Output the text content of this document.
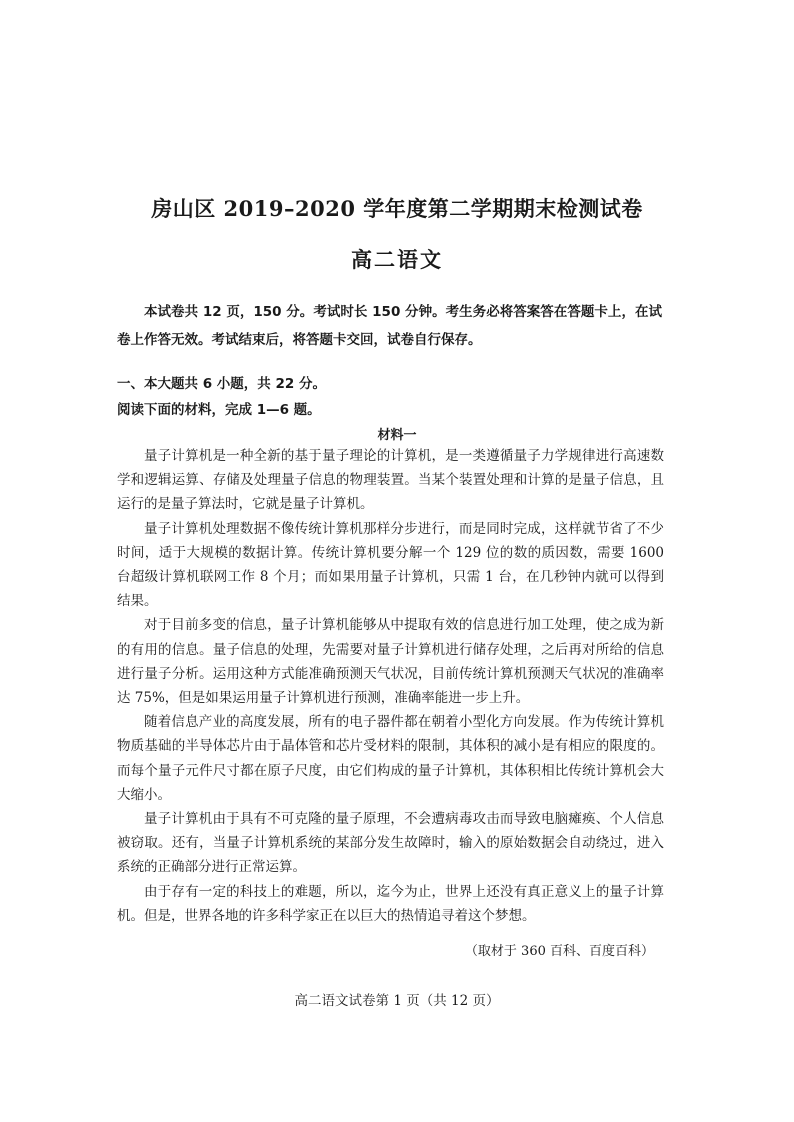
房山区 2019–2020 学年度第二学期期末检测试卷
高二语文
本试卷共 12 页，150 分。考试时长 150 分钟。考生务必将答案答在答题卡上，在试卷上作答无效。考试结束后，将答题卡交回，试卷自行保存。
一、本大题共 6 小题，共 22 分。
阅读下面的材料，完成 1—6 题。
材料一

量子计算机是一种全新的基于量子理论的计算机，是一类遵循量子力学规律进行高速数学和逻辑运算、存储及处理量子信息的物理装置。当某个装置处理和计算的是量子信息，且运行的是量子算法时，它就是量子计算机。

量子计算机处理数据不像传统计算机那样分步进行，而是同时完成，这样就节省了不少时间，适于大规模的数据计算。传统计算机要分解一个 129 位的数的质因数，需要 1600 台超级计算机联网工作 8 个月；而如果用量子计算机，只需 1 台，在几秒钟内就可以得到结果。

对于目前多变的信息，量子计算机能够从中提取有效的信息进行加工处理，使之成为新的有用的信息。量子信息的处理，先需要对量子计算机进行储存处理，之后再对所给的信息进行量子分析。运用这种方式能准确预测天气状况，目前传统计算机预测天气状况的准确率达 75%，但是如果运用量子计算机进行预测，准确率能进一步上升。

随着信息产业的高度发展，所有的电子器件都在朝着小型化方向发展。作为传统计算机物质基础的半导体芯片由于晶体管和芯片受材料的限制，其体积的减小是有相应的限度的。而每个量子元件尺寸都在原子尺度，由它们构成的量子计算机，其体积相比传统计算机会大大缩小。

量子计算机由于具有不可克隆的量子原理，不会遭病毒攻击而导致电脑瘫痪、个人信息被窃取。还有，当量子计算机系统的某部分发生故障时，输入的原始数据会自动绕过，进入系统的正确部分进行正常运算。

由于存有一定的科技上的难题，所以，迄今为止，世界上还没有真正意义上的量子计算机。但是，世界各地的许多科学家正在以巨大的热情追寻着这个梦想。

（取材于 360 百科、百度百科）
高二语文试卷第 1 页（共 12 页）
